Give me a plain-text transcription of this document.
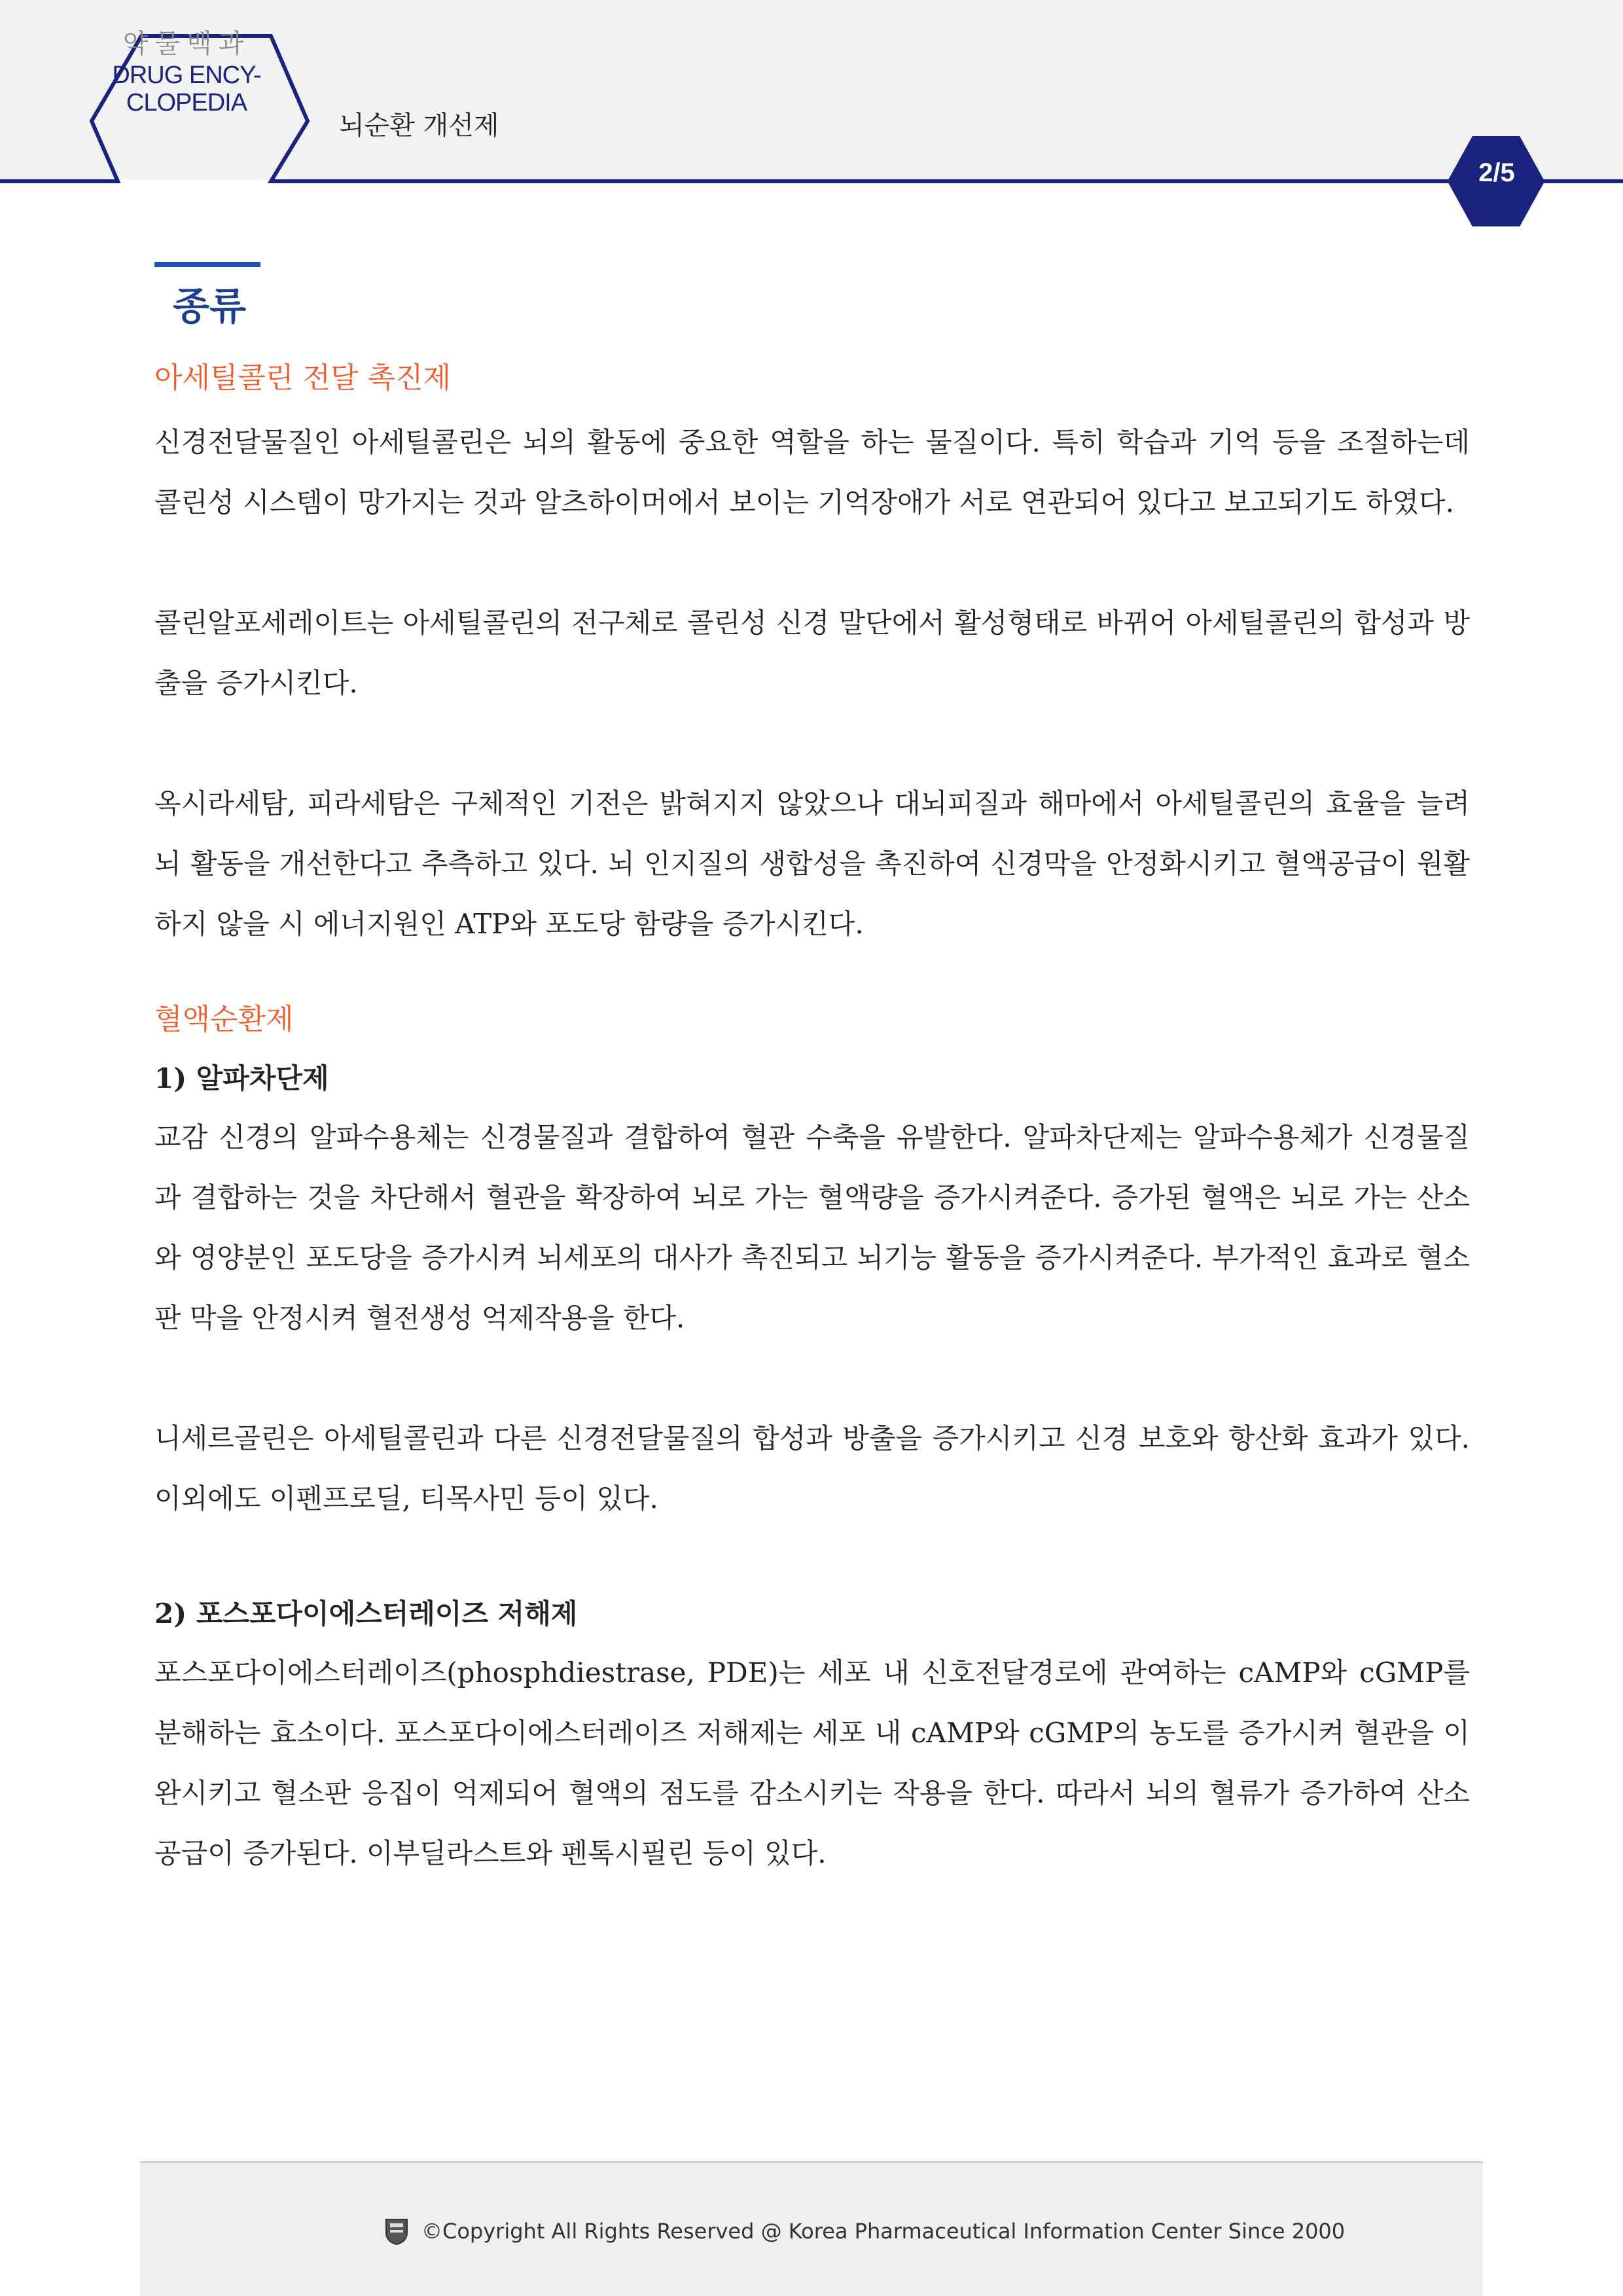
약물백과
DRUG ENCY-
CLOPEDIA
뇌순환 개선제
2/5
종류
아세틸콜린 전달 촉진제

신경전달물질인 아세틸콜린은 뇌의 활동에 중요한 역할을 하는 물질이다. 특히 학습과 기억 등을 조절하는데 콜린성 시스템이 망가지는 것과 알츠하이머에서 보이는 기억장애가 서로 연관되어 있다고 보고되기도 하였다.

콜린알포세레이트는 아세틸콜린의 전구체로 콜린성 신경 말단에서 활성형태로 바뀌어 아세틸콜린의 합성과 방출을 증가시킨다.

옥시라세탐, 피라세탐은 구체적인 기전은 밝혀지지 않았으나 대뇌피질과 해마에서 아세틸콜린의 효율을 늘려 뇌 활동을 개선한다고 추측하고 있다. 뇌 인지질의 생합성을 촉진하여 신경막을 안정화시키고 혈액공급이 원활하지 않을 시 에너지원인 ATP와 포도당 함량을 증가시킨다.

혈액순환제
1) 알파차단제

교감 신경의 알파수용체는 신경물질과 결합하여 혈관 수축을 유발한다. 알파차단제는 알파수용체가 신경물질과 결합하는 것을 차단해서 혈관을 확장하여 뇌로 가는 혈액량을 증가시켜준다. 증가된 혈액은 뇌로 가는 산소와 영양분인 포도당을 증가시켜 뇌세포의 대사가 촉진되고 뇌기능 활동을 증가시켜준다. 부가적인 효과로 혈소판 막을 안정시켜 혈전생성 억제작용을 한다.

니세르골린은 아세틸콜린과 다른 신경전달물질의 합성과 방출을 증가시키고 신경 보호와 항산화 효과가 있다. 이외에도 이펜프로딜, 티목사민 등이 있다.

2) 포스포다이에스터레이즈 저해제

포스포다이에스터레이즈(phosphdiestrase, PDE)는 세포 내 신호전달경로에 관여하는 cAMP와 cGMP를 분해하는 효소이다. 포스포다이에스터레이즈 저해제는 세포 내 cAMP와 cGMP의 농도를 증가시켜 혈관을 이완시키고 혈소판 응집이 억제되어 혈액의 점도를 감소시키는 작용을 한다. 따라서 뇌의 혈류가 증가하여 산소공급이 증가된다. 이부딜라스트와 펜톡시필린 등이 있다.

©Copyright All Rights Reserved @ Korea Pharmaceutical Information Center Since 2000
